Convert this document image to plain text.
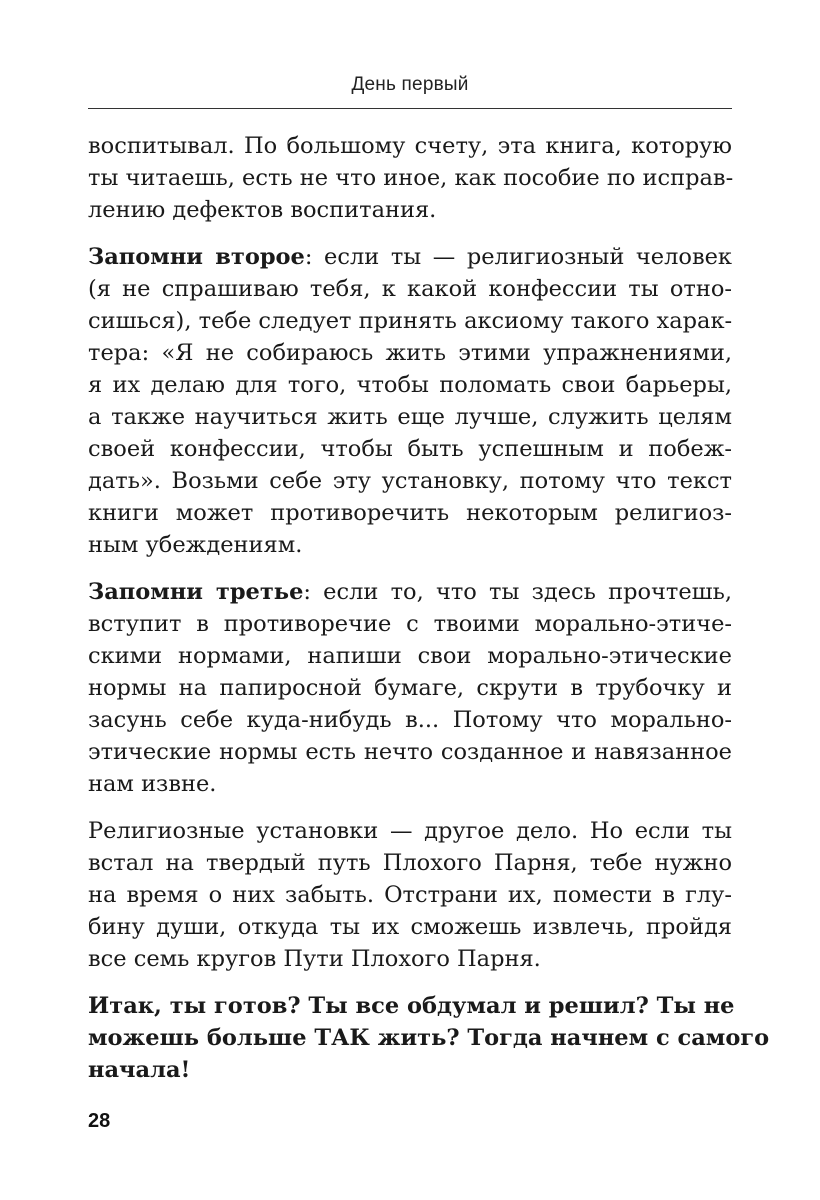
День первый
воспитывал. По большому счету, эта книга, которую
ты читаешь, есть не что иное, как пособие по исправ-
лению дефектов воспитания.
Запомни второе: если ты — религиозный человек
(я не спрашиваю тебя, к какой конфессии ты отно-
сишься), тебе следует принять аксиому такого харак-
тера: «Я не собираюсь жить этими упражнениями,
я их делаю для того, чтобы поломать свои барьеры,
а также научиться жить еще лучше, служить целям
своей конфессии, чтобы быть успешным и побеж-
дать». Возьми себе эту установку, потому что текст
книги может противоречить некоторым религиоз-
ным убеждениям.
Запомни третье: если то, что ты здесь прочтешь,
вступит в противоречие с твоими морально-этиче-
скими нормами, напиши свои морально-этические
нормы на папиросной бумаге, скрути в трубочку и
засунь себе куда-нибудь в... Потому что морально-
этические нормы есть нечто созданное и навязанное
нам извне.
Религиозные установки — другое дело. Но если ты
встал на твердый путь Плохого Парня, тебе нужно
на время о них забыть. Отстрани их, помести в глу-
бину души, откуда ты их сможешь извлечь, пройдя
все семь кругов Пути Плохого Парня.
Итак, ты готов? Ты все обдумал и решил? Ты не
можешь больше ТАК жить? Тогда начнем с самого
начала!
28
